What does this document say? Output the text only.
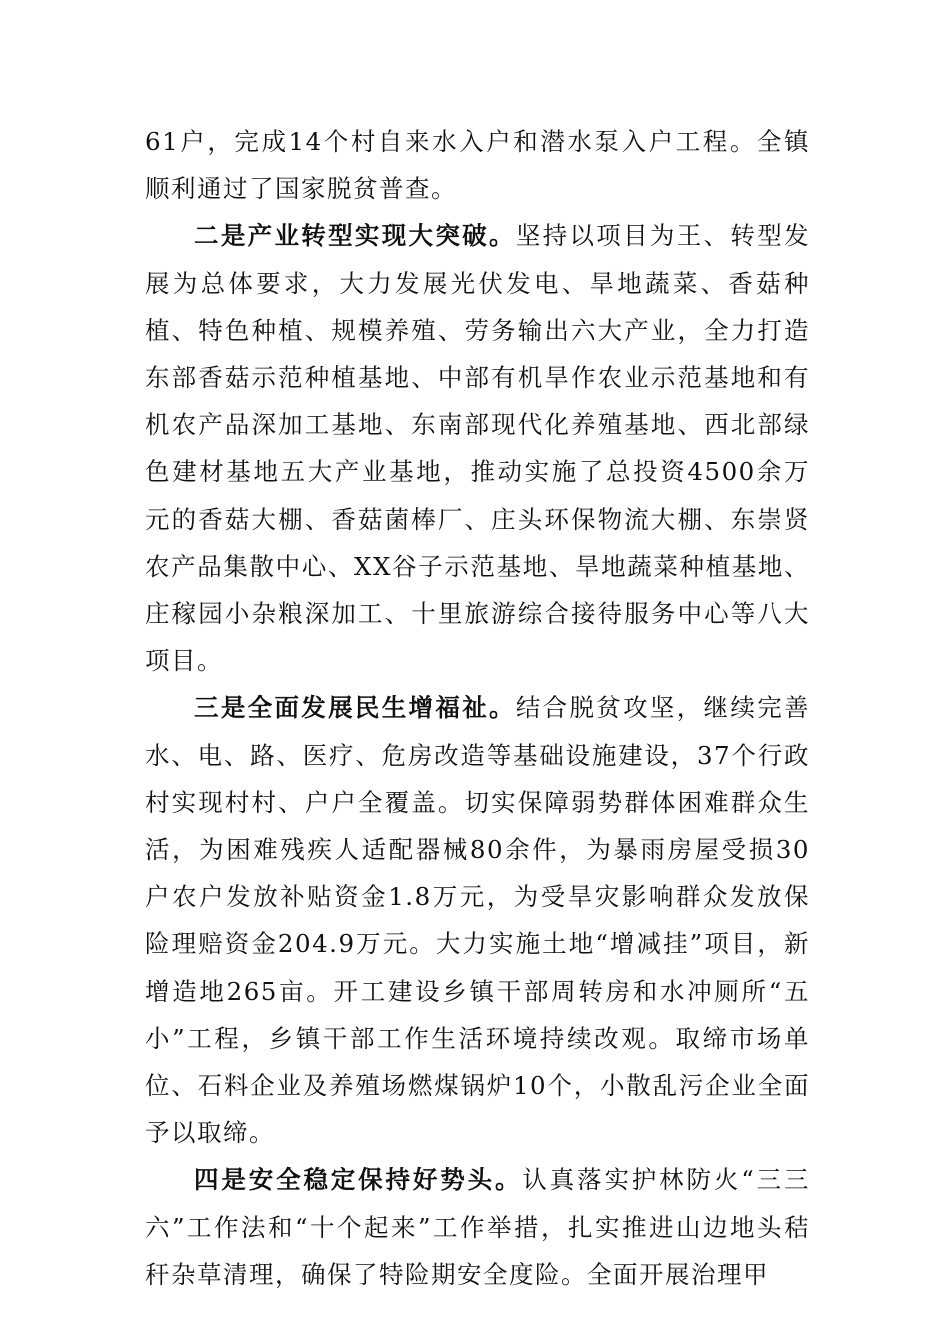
61户，完成14个村自来水入户和潜水泵入户工程。全镇顺利通过了国家脱贫普查。

二是产业转型实现大突破。坚持以项目为王、转型发展为总体要求，大力发展光伏发电、旱地蔬菜、香菇种植、特色种植、规模养殖、劳务输出六大产业，全力打造东部香菇示范种植基地、中部有机旱作农业示范基地和有机农产品深加工基地、东南部现代化养殖基地、西北部绿色建材基地五大产业基地，推动实施了总投资4500余万元的香菇大棚、香菇菌棒厂、庄头环保物流大棚、东崇贤农产品集散中心、XX谷子示范基地、旱地蔬菜种植基地、庄稼园小杂粮深加工、十里旅游综合接待服务中心等八大项目。

三是全面发展民生增福祉。结合脱贫攻坚，继续完善水、电、路、医疗、危房改造等基础设施建设，37个行政村实现村村、户户全覆盖。切实保障弱势群体困难群众生活，为困难残疾人适配器械80余件，为暴雨房屋受损30户农户发放补贴资金1.8万元，为受旱灾影响群众发放保险理赔资金204.9万元。大力实施土地“增减挂”项目，新增造地265亩。开工建设乡镇干部周转房和水冲厕所“五小”工程，乡镇干部工作生活环境持续改观。取缔市场单位、石料企业及养殖场燃煤锅炉10个，小散乱污企业全面予以取缔。

四是安全稳定保持好势头。认真落实护林防火“三三六”工作法和“十个起来”工作举措，扎实推进山边地头秸秆杂草清理，确保了特险期安全度险。全面开展治理甲
